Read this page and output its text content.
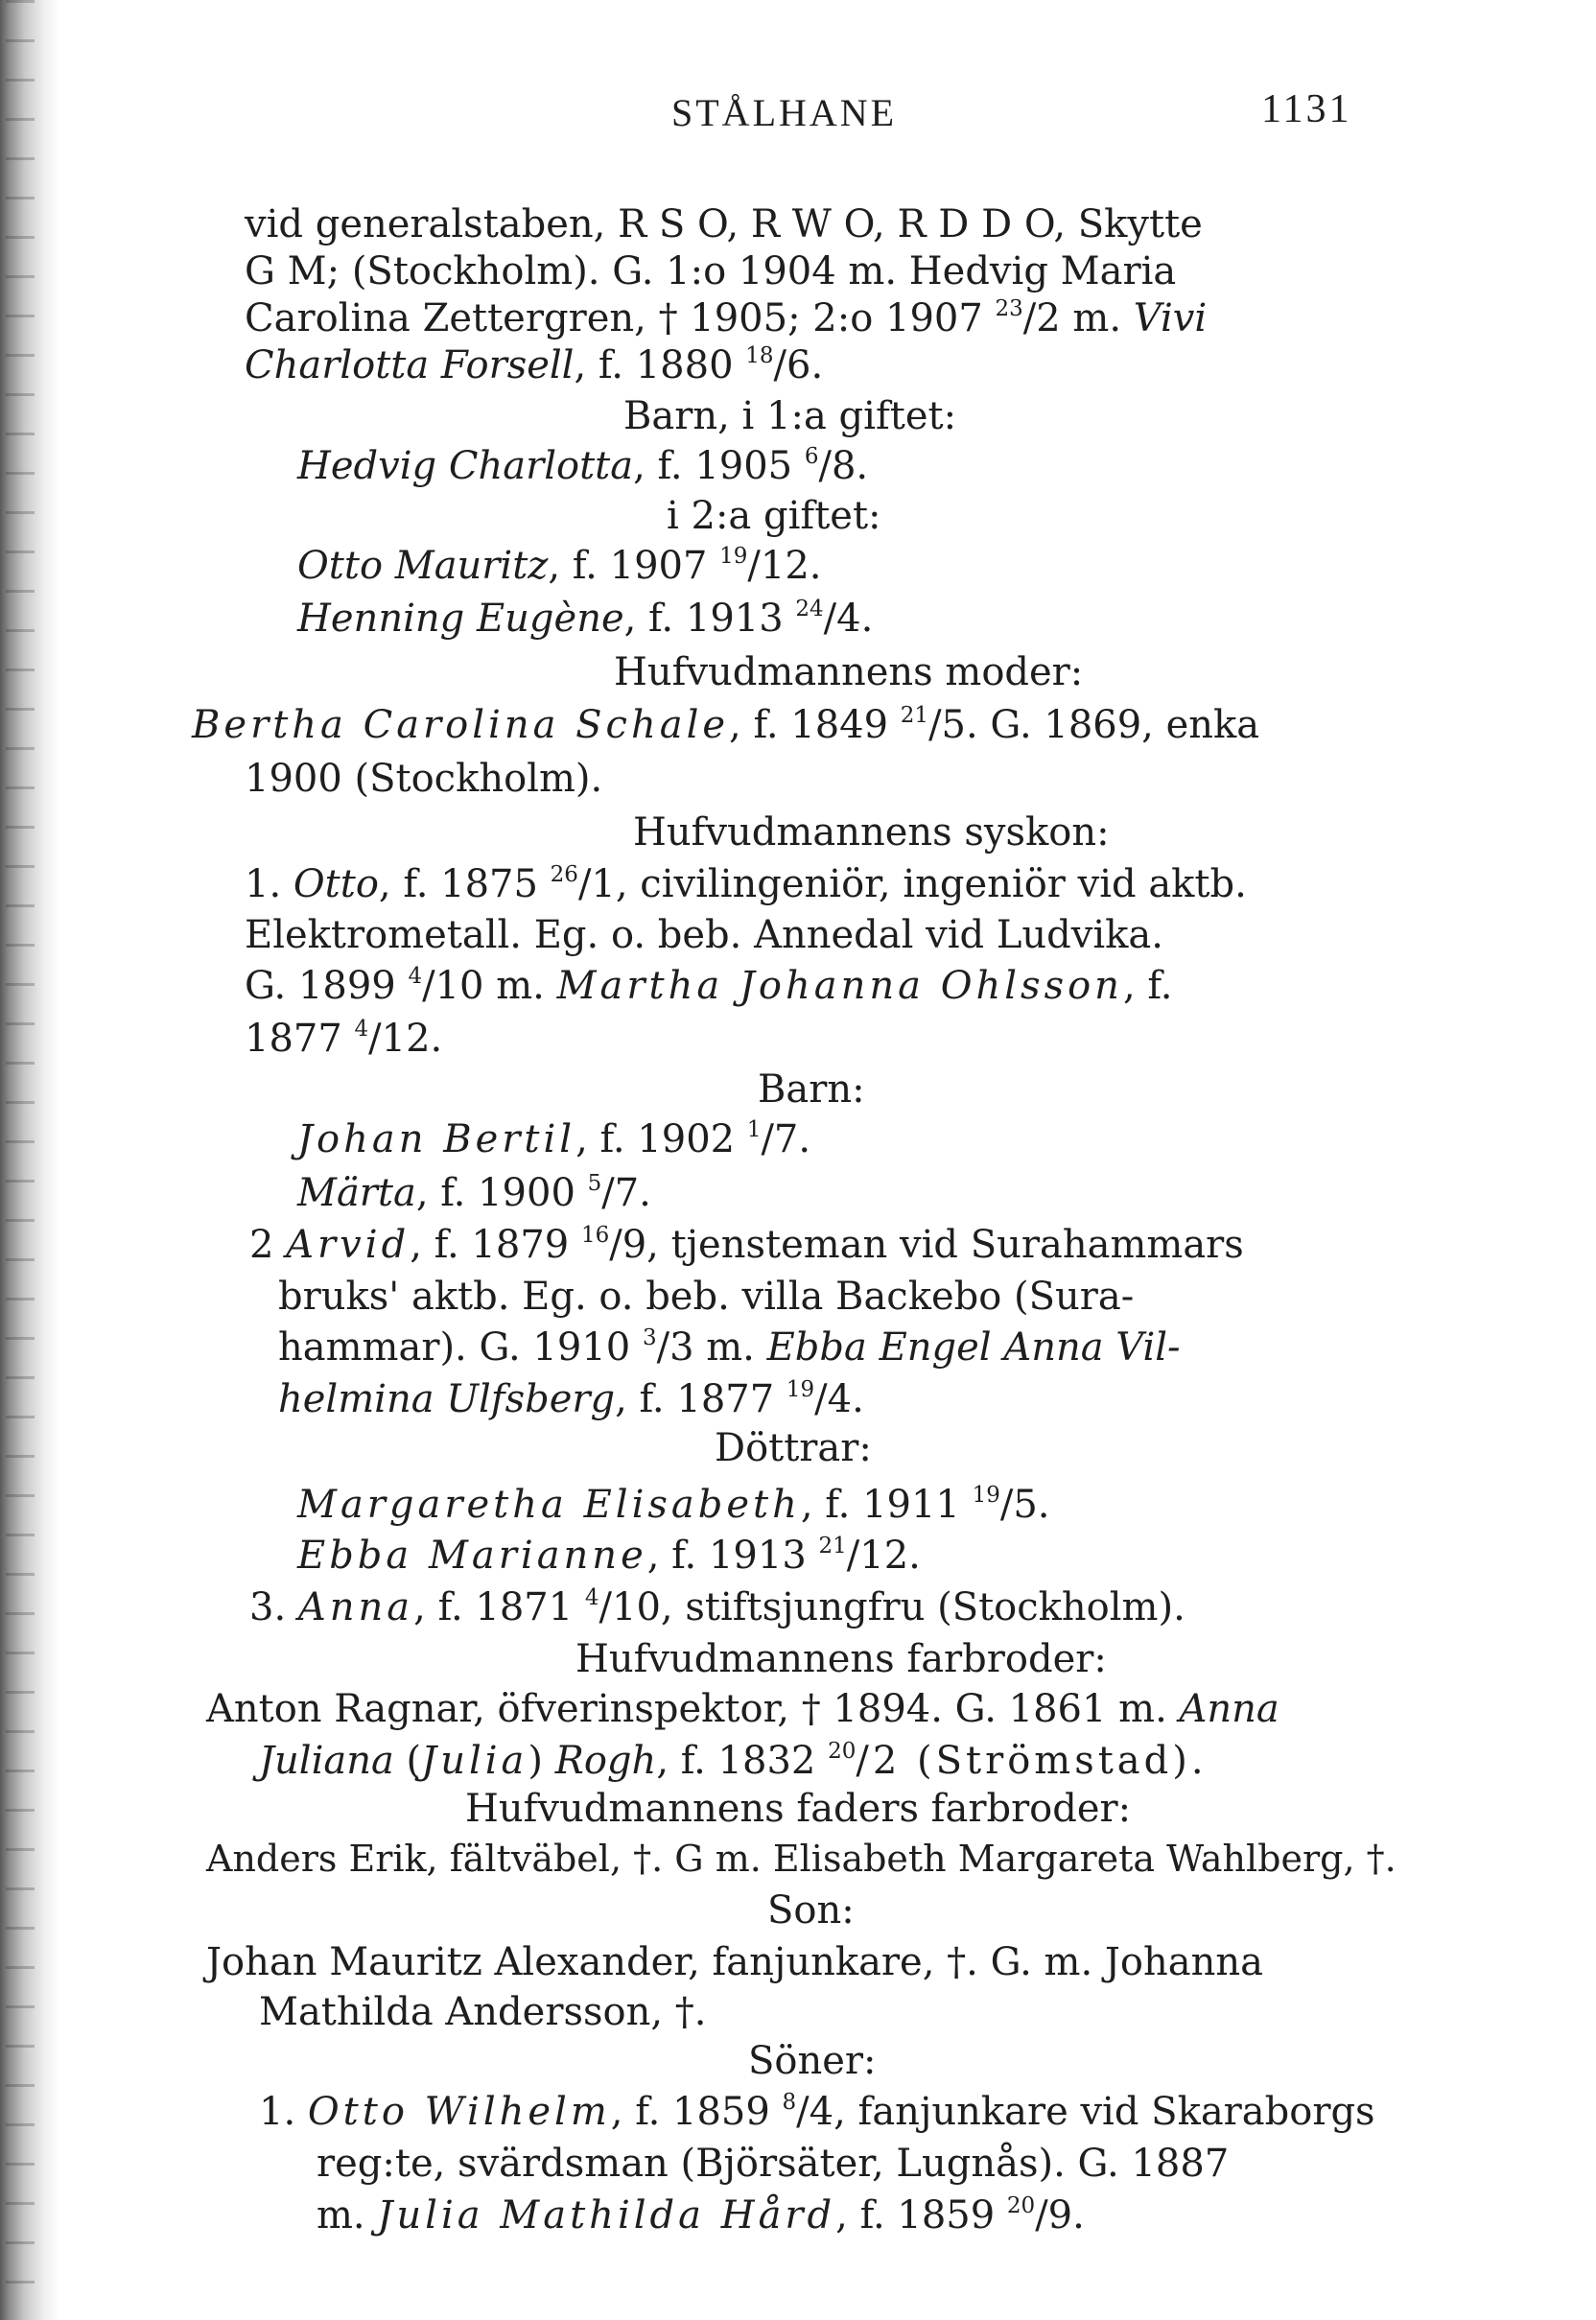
STÅLHANE	1131
vid generalstaben, R S O, R W O, R D D O, Skytte
G M; (Stockholm). G. 1:o 1904 m. Hedvig Maria
Carolina Zettergren, † 1905; 2:o 1907 $^{23}$/2 m. Vivi
Charlotta Forsell, f. 1880 $^{18}$/6.
Barn, i 1:a giftet:
Hedvig Charlotta, f. 1905 $^6$/8.
i 2:a giftet:
Otto Mauritz, f. 1907 $^{19}$/12.
Henning Eugène, f. 1913 $^{24}$/4.
Hufvudmannens moder:
Bertha Carolina Schale, f. 1849 $^{21}$/5. G. 1869, enka
1900 (Stockholm).
Hufvudmannens syskon:
1. Otto, f. 1875 $^{26}$/1, civilingeniör, ingeniör vid aktb.
Elektrometall. Eg. o. beb. Annedal vid Ludvika.
G. 1899 $^4$/10 m. Martha Johanna Ohlsson, f.
1877 $^4$/12.
Barn:
Johan Bertil, f. 1902 $^1$/7.
Märta, f. 1900 $^5$/7.
2 Arvid, f. 1879 $^{16}$/9, tjensteman vid Surahammars
bruks' aktb. Eg. o. beb. villa Backebo (Sura-
hammar). G. 1910 $^3$/3 m. Ebba Engel Anna Vil-
helmina Ulfsberg, f. 1877 $^{19}$/4.
Döttrar:
Margaretha Elisabeth, f. 1911 $^{19}$/5.
Ebba Marianne, f. 1913 $^{21}$/12.
3. Anna, f. 1871 $^4$/10, stiftsjungfru (Stockholm).
Hufvudmannens farbroder:
Anton Ragnar, öfverinspektor, † 1894. G. 1861 m. Anna
Juliana (Julia) Rogh, f. 1832 $^{20}$/2 (Strömstad).
Hufvudmannens faders farbroder:
Anders Erik, fältväbel, †. G m. Elisabeth Margareta Wahlberg, †.
Son:
Johan Mauritz Alexander, fanjunkare, †. G. m. Johanna
Mathilda Andersson, †.
Söner:
1. Otto Wilhelm, f. 1859 $^8$/4, fanjunkare vid Skaraborgs
reg:te, svärdsman (Björsäter, Lugnås). G. 1887
m. Julia Mathilda Hård, f. 1859 $^{20}$/9.
